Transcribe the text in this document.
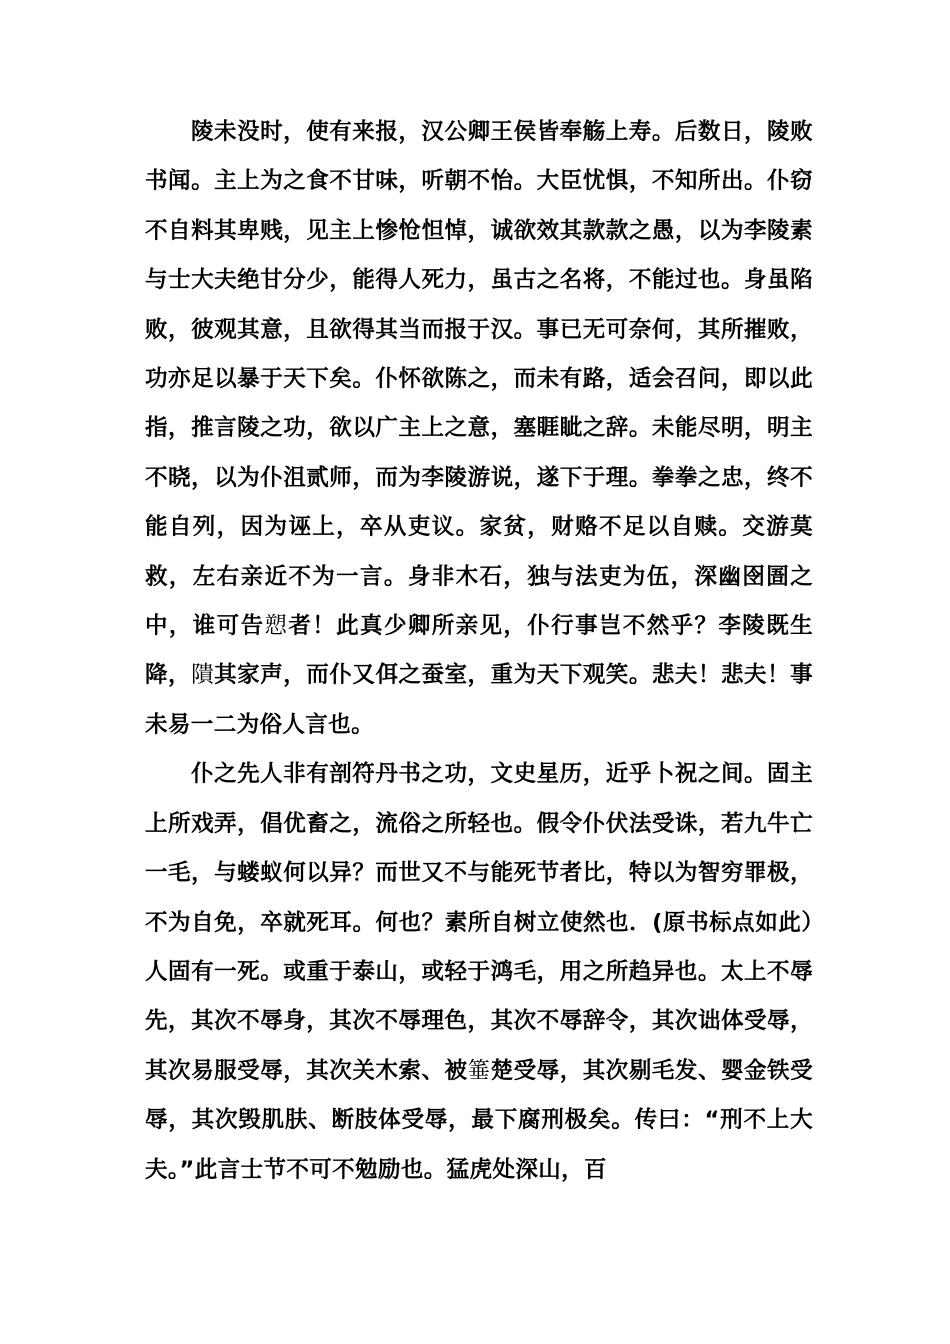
陵未没时，使有来报，汉公卿王侯皆奉觞上寿。后数日，陵败书闻。主上为之食不甘味，听朝不怡。大臣忧惧，不知所出。仆窃不自料其卑贱，见主上惨怆怛悼，诚欲效其款款之愚，以为李陵素与士大夫绝甘分少，能得人死力，虽古之名将，不能过也。身虽陷败，彼观其意，且欲得其当而报于汉。事已无可奈何，其所摧败，功亦足以暴于天下矣。仆怀欲陈之，而未有路，适会召问，即以此指，推言陵之功，欲以广主上之意，塞睚眦之辞。未能尽明，明主不晓，以为仆沮贰师，而为李陵游说，遂下于理。拳拳之忠，终不能自列，因为诬上，卒从吏议。家贫，财赂不足以自赎。交游莫救，左右亲近不为一言。身非木石，独与法吏为伍，深幽囹圄之中，谁可告愬者！此真少卿所亲见，仆行事岂不然乎？李陵既生降，隤其家声，而仆又佴之蚕室，重为天下观笑。悲夫！悲夫！事未易一二为俗人言也。

仆之先人非有剖符丹书之功，文史星历，近乎卜祝之间。固主上所戏弄，倡优畜之，流俗之所轻也。假令仆伏法受诛，若九牛亡一毛，与蝼蚁何以异？而世又不与能死节者比，特以为智穷罪极，不为自免，卒就死耳。何也？素所自树立使然也．(原书标点如此）人固有一死。或重于泰山，或轻于鸿毛，用之所趋异也。太上不辱先，其次不辱身，其次不辱理色，其次不辱辞令，其次诎体受辱，其次易服受辱，其次关木索、被箠楚受辱，其次剔毛发、婴金铁受辱，其次毁肌肤、断肢体受辱，最下腐刑极矣。传曰：“刑不上大夫。”此言士节不可不勉励也。猛虎处深山，百
